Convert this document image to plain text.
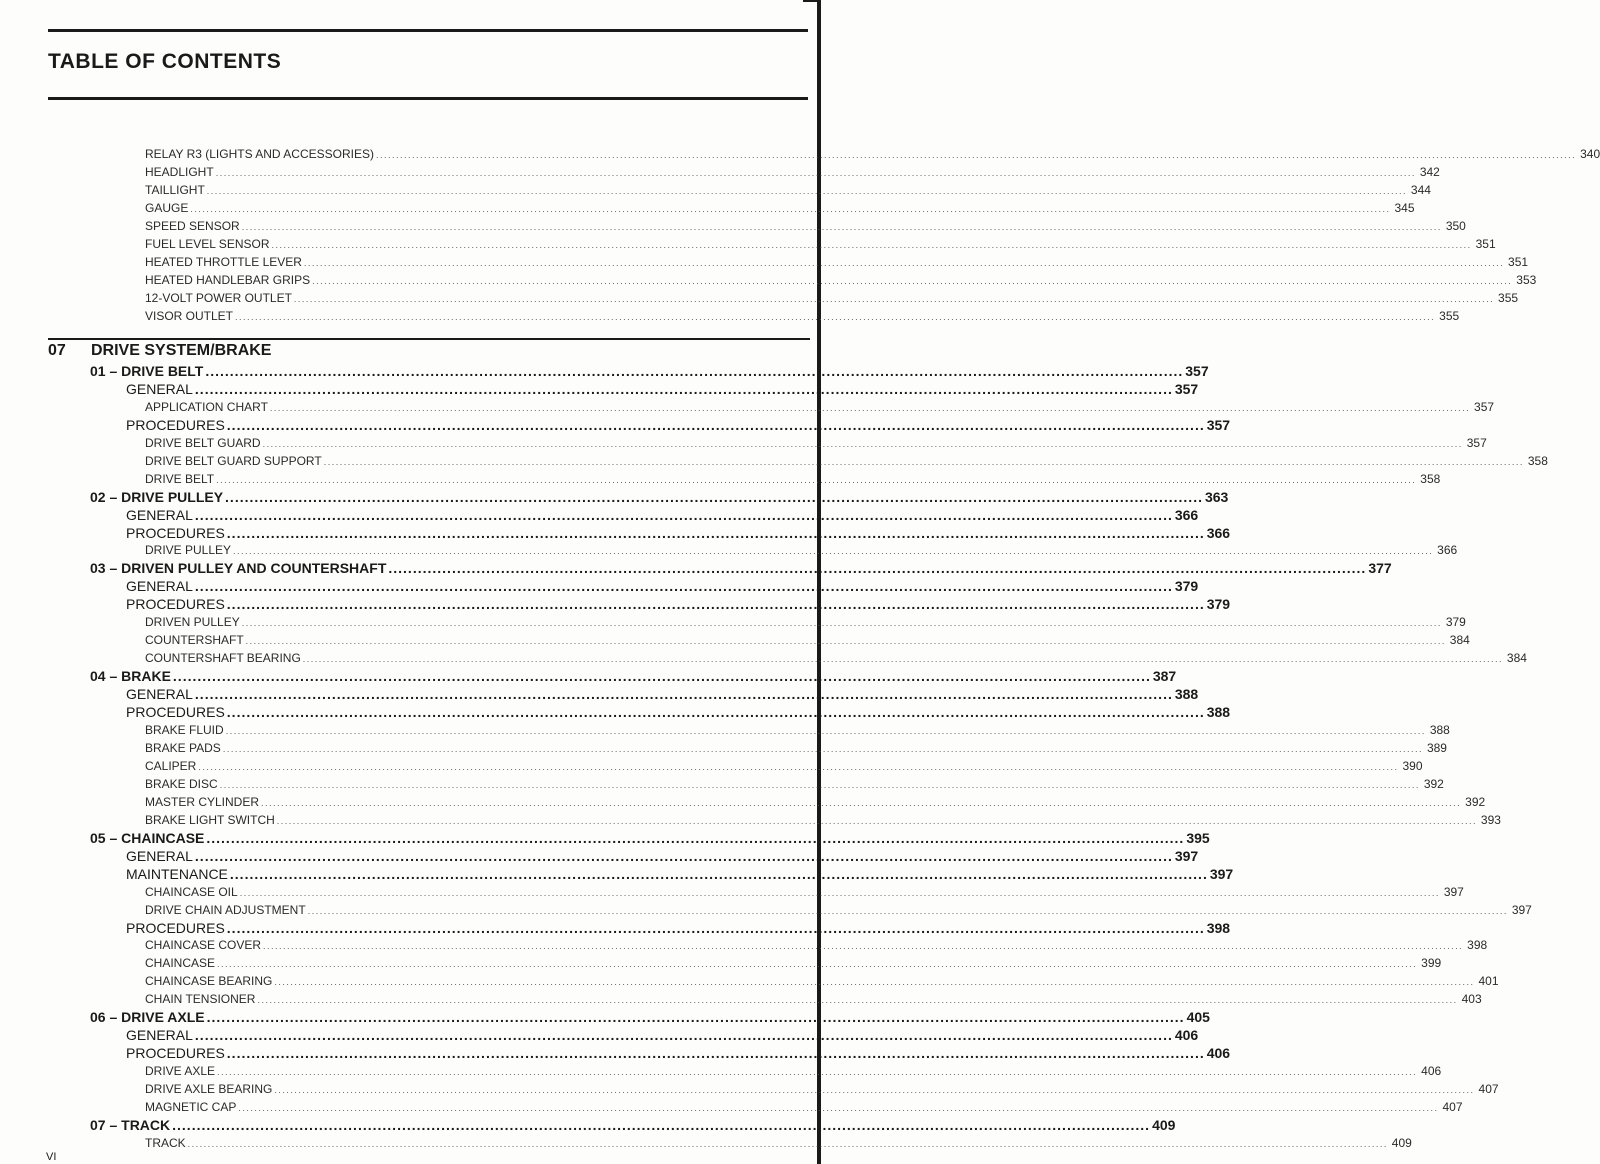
TABLE OF CONTENTS
07 DRIVE SYSTEM/BRAKE
RELAY R3 (LIGHTS AND ACCESSORIES) ............................................................................................................................................................................................................................................................................................................ 340
HEADLIGHT ............................................................................................................................................................................................................................................................................................................ 342
TAILLIGHT ............................................................................................................................................................................................................................................................................................................ 344
GAUGE ............................................................................................................................................................................................................................................................................................................ 345
SPEED SENSOR ............................................................................................................................................................................................................................................................................................................ 350
FUEL LEVEL SENSOR ............................................................................................................................................................................................................................................................................................................ 351
HEATED THROTTLE LEVER ............................................................................................................................................................................................................................................................................................................ 351
HEATED HANDLEBAR GRIPS ............................................................................................................................................................................................................................................................................................................ 353
12-VOLT POWER OUTLET ............................................................................................................................................................................................................................................................................................................ 355
VISOR OUTLET ............................................................................................................................................................................................................................................................................................................ 355
01 – DRIVE BELT ........................................................................................................................................................................................................ 357
GENERAL ........................................................................................................................................................................................................ 357
APPLICATION CHART ............................................................................................................................................................................................................................................................................................................ 357
PROCEDURES ........................................................................................................................................................................................................ 357
DRIVE BELT GUARD ............................................................................................................................................................................................................................................................................................................ 357
DRIVE BELT GUARD SUPPORT ............................................................................................................................................................................................................................................................................................................ 358
DRIVE BELT ............................................................................................................................................................................................................................................................................................................ 358
02 – DRIVE PULLEY ........................................................................................................................................................................................................ 363
GENERAL ........................................................................................................................................................................................................ 366
PROCEDURES ........................................................................................................................................................................................................ 366
DRIVE PULLEY ............................................................................................................................................................................................................................................................................................................ 366
03 – DRIVEN PULLEY AND COUNTERSHAFT ........................................................................................................................................................................................................ 377
GENERAL ........................................................................................................................................................................................................ 379
PROCEDURES ........................................................................................................................................................................................................ 379
DRIVEN PULLEY ............................................................................................................................................................................................................................................................................................................ 379
COUNTERSHAFT ............................................................................................................................................................................................................................................................................................................ 384
COUNTERSHAFT BEARING ............................................................................................................................................................................................................................................................................................................ 384
04 – BRAKE ........................................................................................................................................................................................................ 387
GENERAL ........................................................................................................................................................................................................ 388
PROCEDURES ........................................................................................................................................................................................................ 388
BRAKE FLUID ............................................................................................................................................................................................................................................................................................................ 388
BRAKE PADS ............................................................................................................................................................................................................................................................................................................ 389
CALIPER ............................................................................................................................................................................................................................................................................................................ 390
BRAKE DISC ............................................................................................................................................................................................................................................................................................................ 392
MASTER CYLINDER ............................................................................................................................................................................................................................................................................................................ 392
BRAKE LIGHT SWITCH ............................................................................................................................................................................................................................................................................................................ 393
05 – CHAINCASE ........................................................................................................................................................................................................ 395
GENERAL ........................................................................................................................................................................................................ 397
MAINTENANCE ........................................................................................................................................................................................................ 397
CHAINCASE OIL ............................................................................................................................................................................................................................................................................................................ 397
DRIVE CHAIN ADJUSTMENT ............................................................................................................................................................................................................................................................................................................ 397
PROCEDURES ........................................................................................................................................................................................................ 398
CHAINCASE COVER ............................................................................................................................................................................................................................................................................................................ 398
CHAINCASE ............................................................................................................................................................................................................................................................................................................ 399
CHAINCASE BEARING ............................................................................................................................................................................................................................................................................................................ 401
CHAIN TENSIONER ............................................................................................................................................................................................................................................................................................................ 403
06 – DRIVE AXLE ........................................................................................................................................................................................................ 405
GENERAL ........................................................................................................................................................................................................ 406
PROCEDURES ........................................................................................................................................................................................................ 406
DRIVE AXLE ............................................................................................................................................................................................................................................................................................................ 406
DRIVE AXLE BEARING ............................................................................................................................................................................................................................................................................................................ 407
MAGNETIC CAP ............................................................................................................................................................................................................................................................................................................ 407
07 – TRACK ........................................................................................................................................................................................................ 409
TRACK ............................................................................................................................................................................................................................................................................................................ 409
VI
